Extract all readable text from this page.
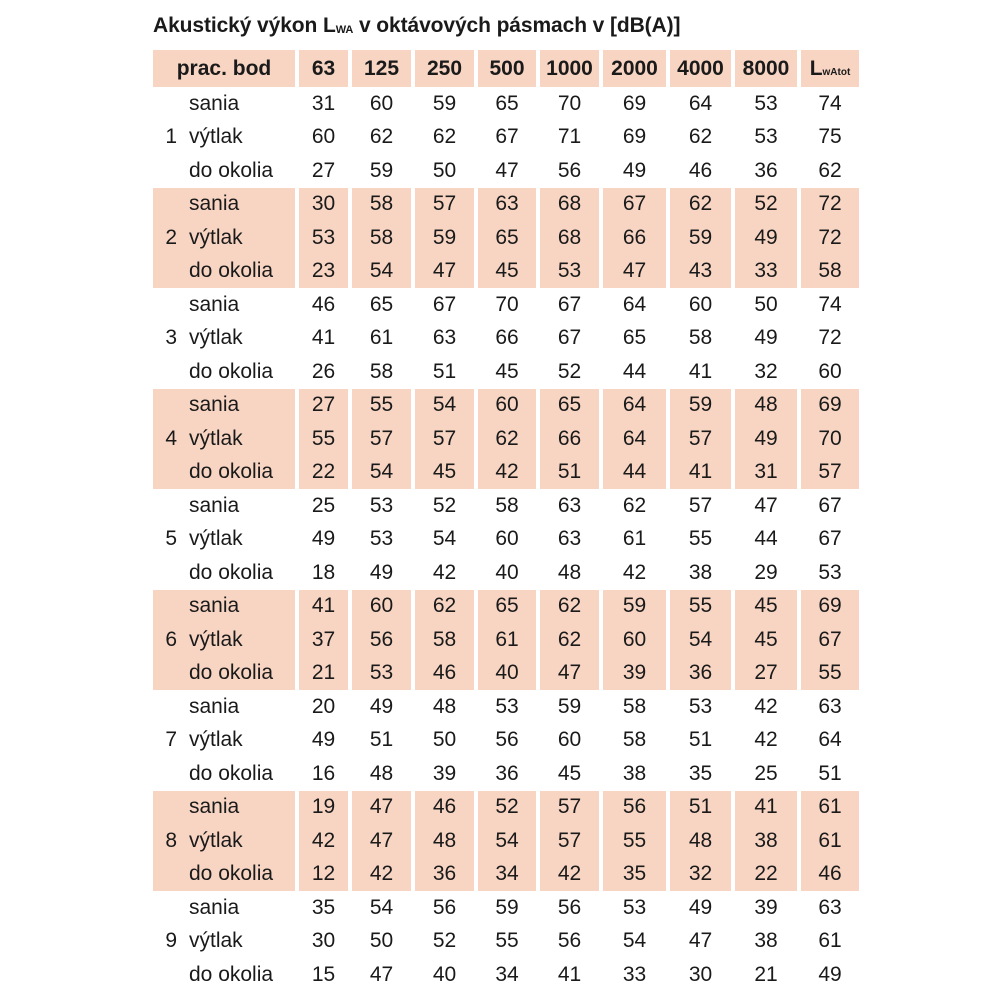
Akustický výkon $L_{WA}$ v oktávových pásmach v [dB(A)]
prac. bod		63	125	250	500	1000	2000	4000	8000	LwAtot
	sania	31	60	59	65	70	69	64	53	74
1	výtlak	60	62	62	67	71	69	62	53	75
	do okolia	27	59	50	47	56	49	46	36	62
	sania	30	58	57	63	68	67	62	52	72
2	výtlak	53	58	59	65	68	66	59	49	72
	do okolia	23	54	47	45	53	47	43	33	58
	sania	46	65	67	70	67	64	60	50	74
3	výtlak	41	61	63	66	67	65	58	49	72
	do okolia	26	58	51	45	52	44	41	32	60
	sania	27	55	54	60	65	64	59	48	69
4	výtlak	55	57	57	62	66	64	57	49	70
	do okolia	22	54	45	42	51	44	41	31	57
	sania	25	53	52	58	63	62	57	47	67
5	výtlak	49	53	54	60	63	61	55	44	67
	do okolia	18	49	42	40	48	42	38	29	53
	sania	41	60	62	65	62	59	55	45	69
6	výtlak	37	56	58	61	62	60	54	45	67
	do okolia	21	53	46	40	47	39	36	27	55
	sania	20	49	48	53	59	58	53	42	63
7	výtlak	49	51	50	56	60	58	51	42	64
	do okolia	16	48	39	36	45	38	35	25	51
	sania	19	47	46	52	57	56	51	41	61
8	výtlak	42	47	48	54	57	55	48	38	61
	do okolia	12	42	36	34	42	35	32	22	46
	sania	35	54	56	59	56	53	49	39	63
9	výtlak	30	50	52	55	56	54	47	38	61
	do okolia	15	47	40	34	41	33	30	21	49
